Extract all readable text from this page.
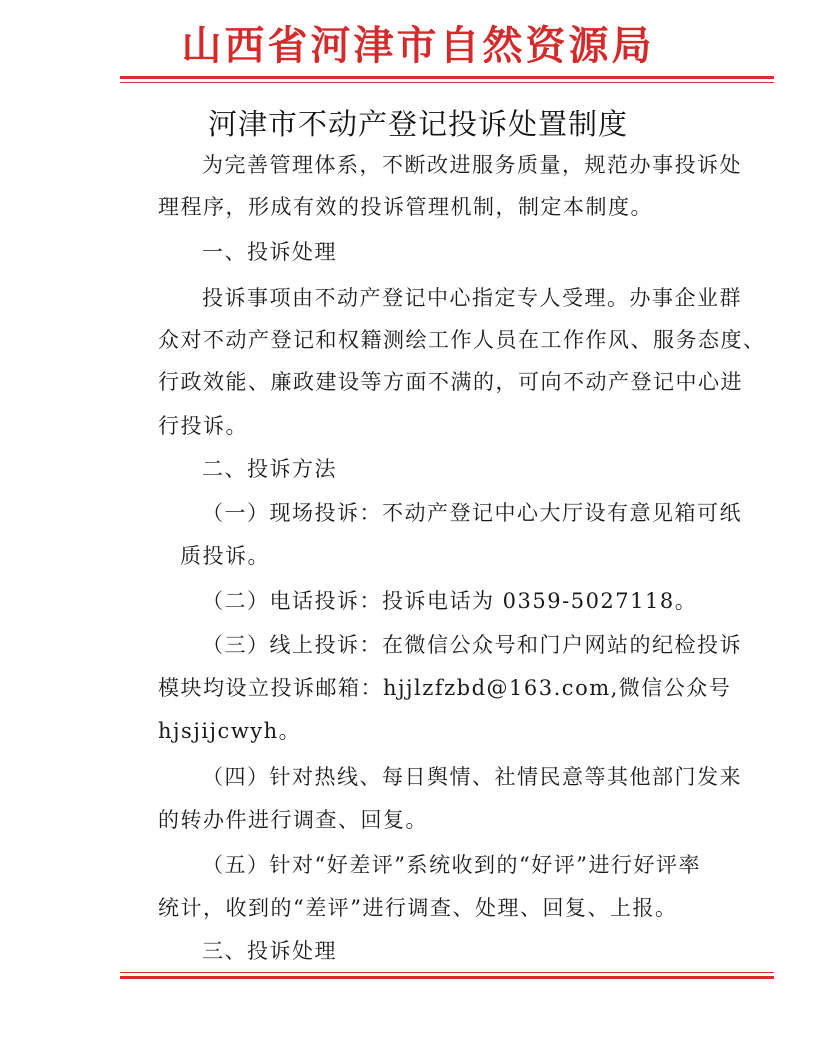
山西省河津市自然资源局
河津市不动产登记投诉处置制度

为完善管理体系，不断改进服务质量，规范办事投诉处

理程序，形成有效的投诉管理机制，制定本制度。

一、投诉处理

投诉事项由不动产登记中心指定专人受理。办事企业群

众对不动产登记和权籍测绘工作人员在工作作风、服务态度、

行政效能、廉政建设等方面不满的，可向不动产登记中心进

行投诉。

二、投诉方法

（一）现场投诉：不动产登记中心大厅设有意见箱可纸

质投诉。

（二）电话投诉：投诉电话为 0359-5027118。

（三）线上投诉：在微信公众号和门户网站的纪检投诉

模块均设立投诉邮箱：hjjlzfzbd@163.com,微信公众号

hjsjijcwyh。

（四）针对热线、每日舆情、社情民意等其他部门发来

的转办件进行调查、回复。

（五）针对“好差评”系统收到的“好评”进行好评率

统计，收到的“差评”进行调查、处理、回复、上报。

三、投诉处理
